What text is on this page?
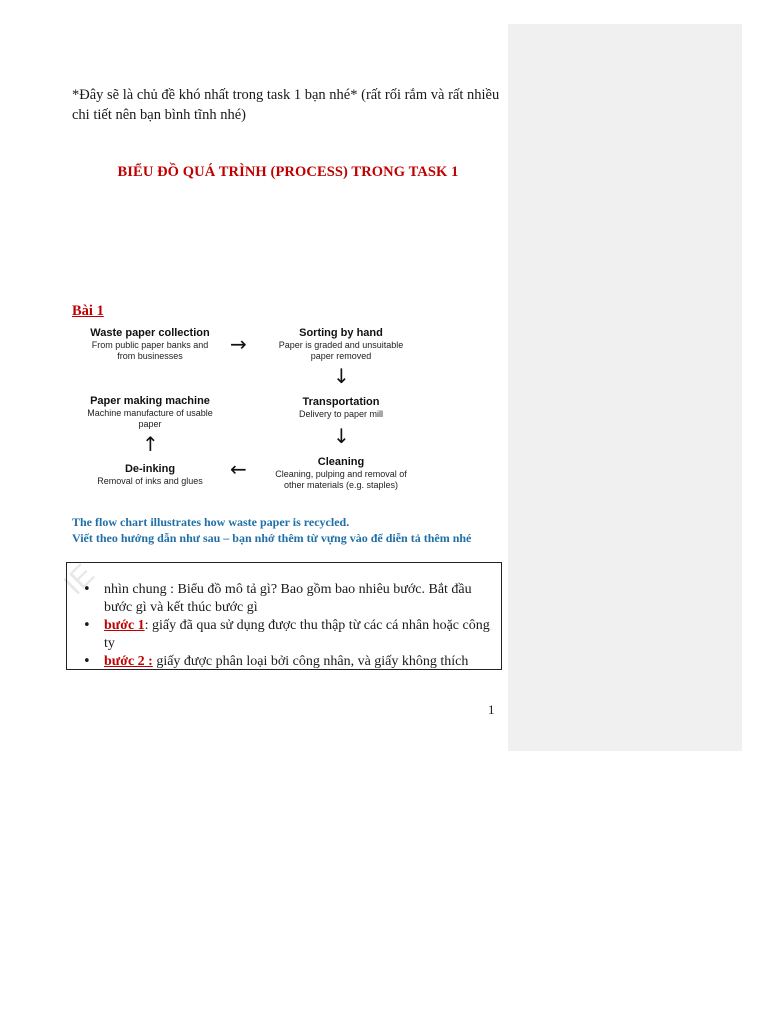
*Đây sẽ là chủ đề khó nhất trong task 1 bạn nhé* (rất rối rắm và rất nhiều chi tiết nên bạn bình tĩnh nhé)
BIỂU ĐỒ QUÁ TRÌNH (PROCESS) TRONG TASK 1
Bài 1
Waste paper collection
From public paper banks and from businesses	→	Sorting by hand
Paper is graded and unsuitable paper removed
↓
Transportation
Delivery to paper mill
↓
Cleaning
Cleaning, pulping and removal of other materials (e.g. staples)
←
De-inking
Removal of inks and glues
↑
Paper making machine
Machine manufacture of usable paper
The flow chart illustrates how waste paper is recycled.
Viết theo hướng dẫn như sau – bạn nhớ thêm từ vựng vào để diễn tả thêm nhé
IE
• nhìn chung : Biểu đồ mô tả gì? Bao gồm bao nhiêu bước. Bắt đầu bước gì và kết thúc bước gì
• bước 1: giấy đã qua sử dụng được thu thập từ các cá nhân hoặc công ty
• bước 2 : giấy được phân loại bởi công nhân, và giấy không thích
1
